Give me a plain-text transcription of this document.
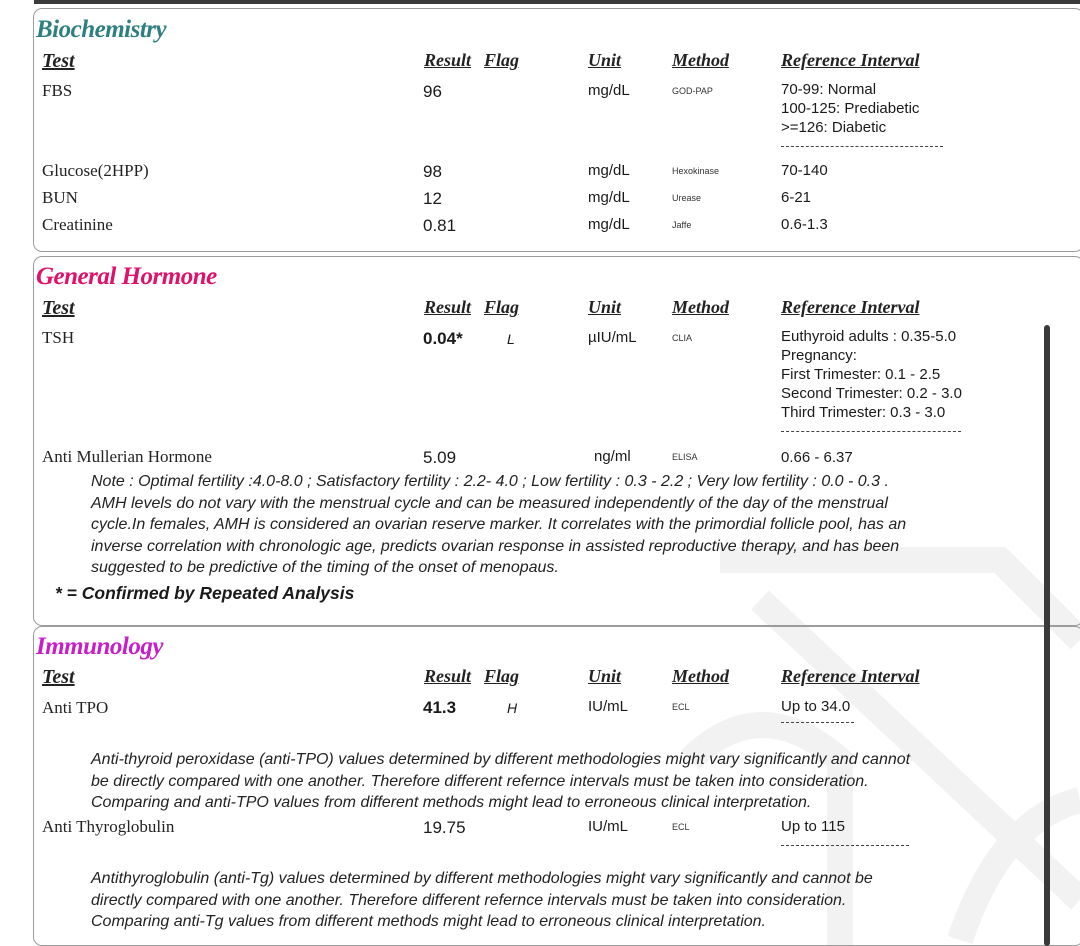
Biochemistry
Test	Result Flag	Unit	Method	Reference Interval
FBS	96	mg/dL	GOD-PAP	70-99: Normal
100-125: Prediabetic
>=126: Diabetic
Glucose(2HPP)	98	mg/dL	Hexokinase	70-140
BUN	12	mg/dL	Urease	6-21
Creatinine	0.81	mg/dL	Jaffe	0.6-1.3
General Hormone
Test	Result Flag	Unit	Method	Reference Interval
TSH	0.04*	L	µIU/mL	CLIA	Euthyroid adults : 0.35-5.0
Pregnancy:
First Trimester: 0.1 - 2.5
Second Trimester: 0.2 - 3.0
Third Trimester: 0.3 - 3.0
Anti Mullerian Hormone	5.09	ng/ml	ELISA	0.66 - 6.37
Note : Optimal fertility :4.0-8.0 ; Satisfactory fertility : 2.2- 4.0 ; Low fertility : 0.3 - 2.2 ; Very low fertility : 0.0 - 0.3 .
AMH levels do not vary with the menstrual cycle and can be measured independently of the day of the menstrual
cycle.In females, AMH is considered an ovarian reserve marker. It correlates with the primordial follicle pool, has an
inverse correlation with chronologic age, predicts ovarian response in assisted reproductive therapy, and has been
suggested to be predictive of the timing of the onset of menopaus.
* = Confirmed by Repeated Analysis
Immunology
Test	Result Flag	Unit	Method	Reference Interval
Anti TPO	41.3	H	IU/mL	ECL	Up to 34.0
Anti-thyroid peroxidase (anti-TPO) values determined by different methodologies might vary significantly and cannot
be directly compared with one another. Therefore different refernce intervals must be taken into consideration.
Comparing and anti-TPO values from different methods might lead to erroneous clinical interpretation.
Anti Thyroglobulin	19.75	IU/mL	ECL	Up to 115
Antithyroglobulin (anti-Tg) values determined by different methodologies might vary significantly and cannot be
directly compared with one another. Therefore different refernce intervals must be taken into consideration.
Comparing anti-Tg values from different methods might lead to erroneous clinical interpretation.
